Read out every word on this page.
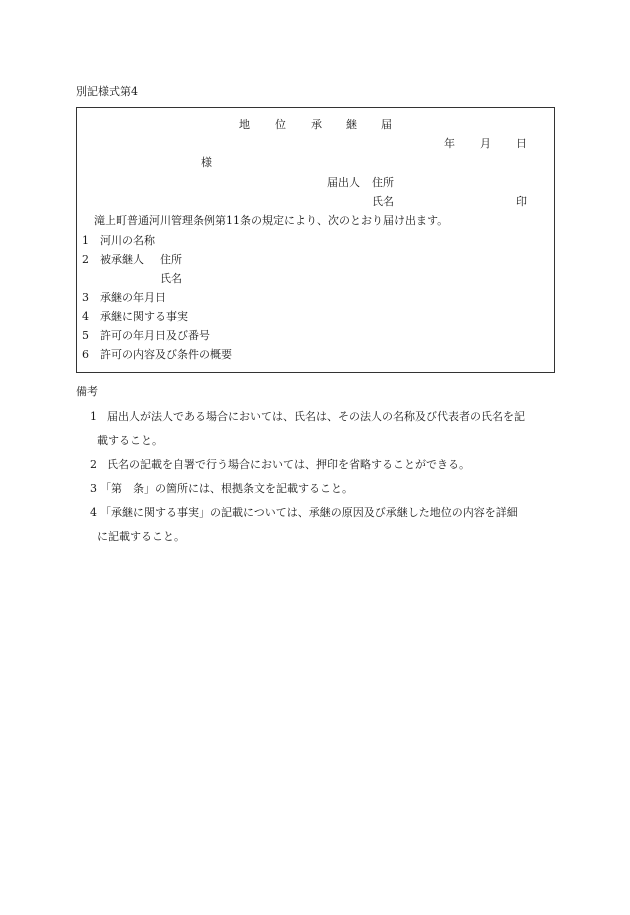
別記様式第4
地 位 承 継 届
年 月 日
様
届出人 住所
氏名	印
滝上町普通河川管理条例第11条の規定により、次のとおり届け出ます。
1 河川の名称
2 被承継人 住所
氏名
3 承継の年月日
4 承継に関する事実
5 許可の年月日及び番号
6 許可の内容及び条件の概要
備考
1 届出人が法人である場合においては、氏名は、その法人の名称及び代表者の氏名を記
載すること。
2 氏名の記載を自署で行う場合においては、押印を省略することができる。
3 「第　条」の箇所には、根拠条文を記載すること。
4 「承継に関する事実」の記載については、承継の原因及び承継した地位の内容を詳細
に記載すること。
